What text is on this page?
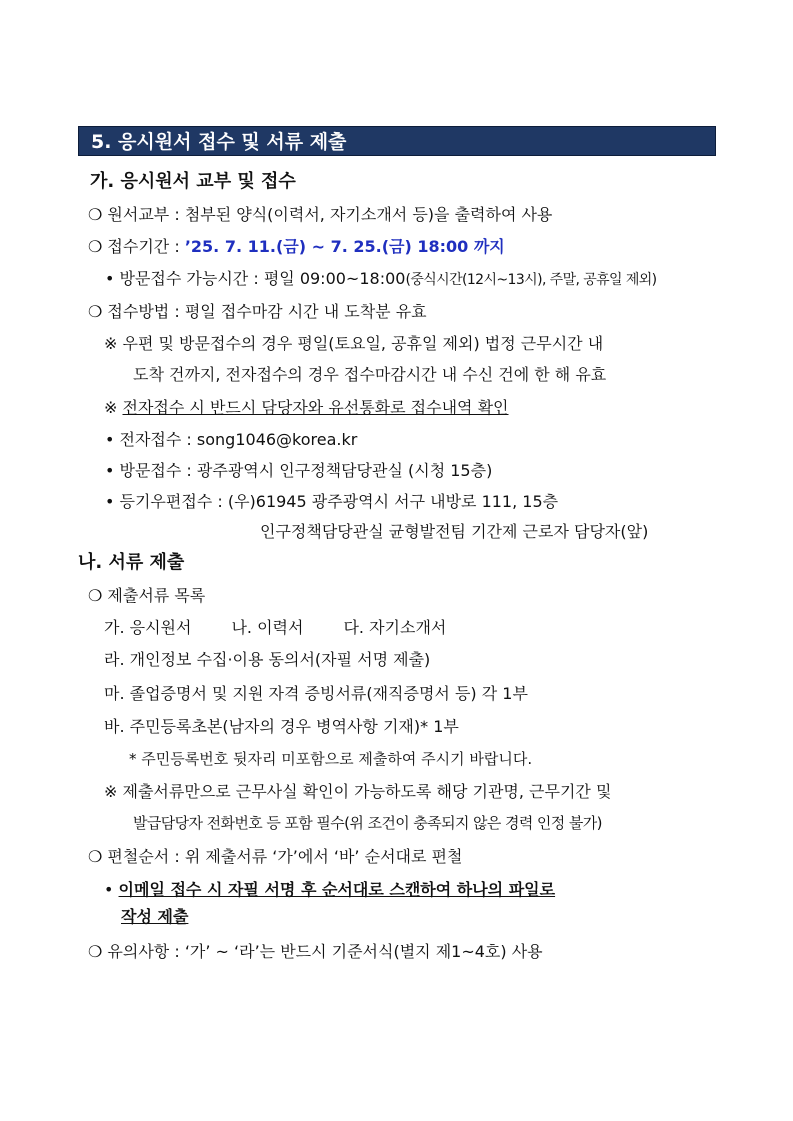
5. 응시원서 접수 및 서류 제출
가. 응시원서 교부 및 접수
❍ 원서교부 : 첨부된 양식(이력서, 자기소개서 등)을 출력하여 사용
❍ 접수기간 : ’25. 7. 11.(금) ~ 7. 25.(금) 18:00 까지
• 방문접수 가능시간 : 평일 09:00~18:00(중식시간(12시~13시), 주말, 공휴일 제외)
❍ 접수방법 : 평일 접수마감 시간 내 도착분 유효
※ 우편 및 방문접수의 경우 평일(토요일, 공휴일 제외) 법정 근무시간 내
도착 건까지, 전자접수의 경우 접수마감시간 내 수신 건에 한 해 유효
※ 전자접수 시 반드시 담당자와 유선통화로 접수내역 확인
• 전자접수 : song1046@korea.kr
• 방문접수 : 광주광역시 인구정책담당관실 (시청 15층)
• 등기우편접수 : (우)61945 광주광역시 서구 내방로 111, 15층
인구정책담당관실 균형발전팀 기간제 근로자 담당자(앞)
나. 서류 제출
❍ 제출서류 목록
가. 응시원서	나. 이력서	다. 자기소개서
라. 개인정보 수집·이용 동의서(자필 서명 제출)
마. 졸업증명서 및 지원 자격 증빙서류(재직증명서 등) 각 1부
바. 주민등록초본(남자의 경우 병역사항 기재)* 1부
* 주민등록번호 뒷자리 미포함으로 제출하여 주시기 바랍니다.
※ 제출서류만으로 근무사실 확인이 가능하도록 해당 기관명, 근무기간 및
발급담당자 전화번호 등 포함 필수(위 조건이 충족되지 않은 경력 인정 불가)
❍ 편철순서 : 위 제출서류 ‘가’에서 ‘바’ 순서대로 편철
• 이메일 접수 시 자필 서명 후 순서대로 스캔하여 하나의 파일로
작성 제출
❍ 유의사항 : ‘가’ ~ ‘라’는 반드시 기준서식(별지 제1~4호) 사용
